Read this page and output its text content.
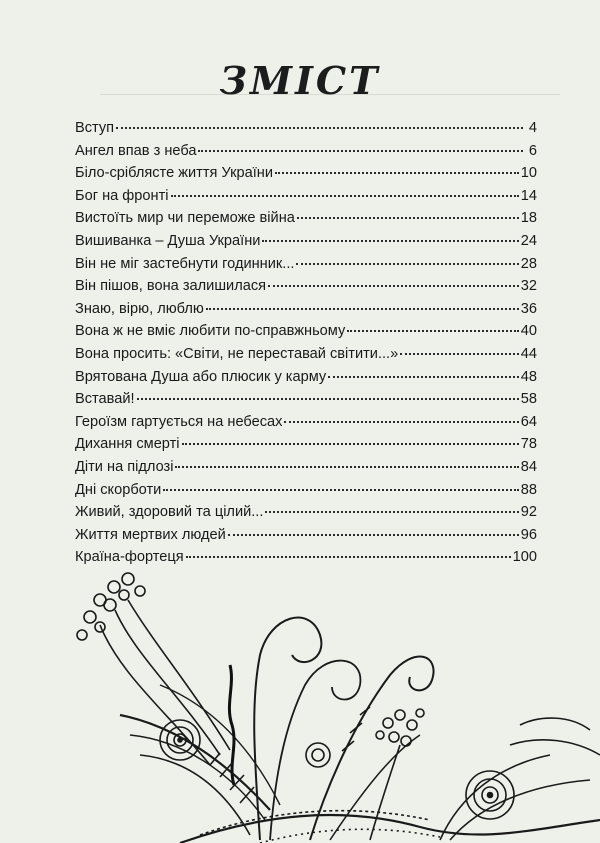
ЗМІСТ
Вступ	4
Ангел впав з неба	6
Біло-сріблясте життя України	10
Бог на фронті	14
Вистоїть мир чи переможе війна	18
Вишиванка – Душа України	24
Він не міг застебнути годинник...	28
Він пішов, вона залишилася	32
Знаю, вірю, люблю	36
Вона ж не вміє любити по-справжньому	40
Вона просить: «Світи, не переставай світити...»	44
Врятована Душа або плюсик у карму	48
Вставай!	58
Героїзм гартується на небесах	64
Дихання смерті	78
Діти на підлозі	84
Дні скорботи	88
Живий, здоровий та цілий...	92
Життя мертвих людей	96
Країна-фортеця	100
